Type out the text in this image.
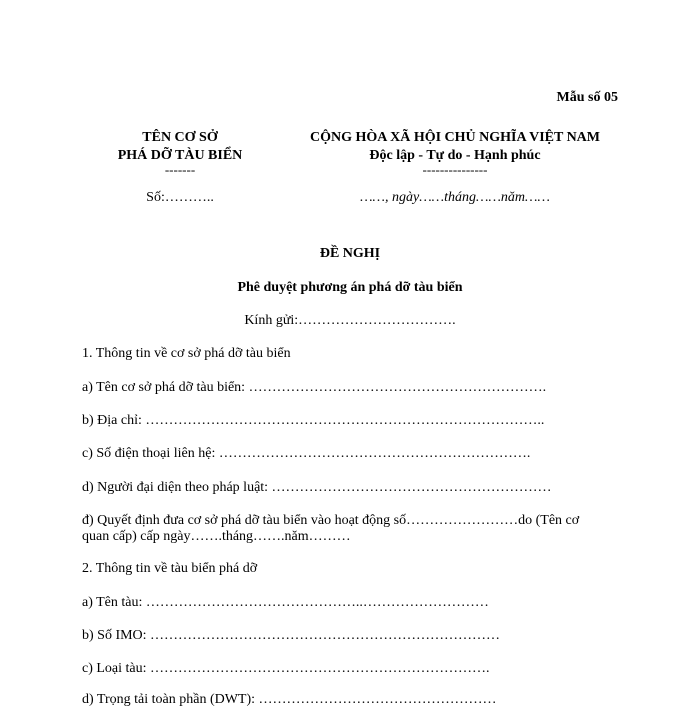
Mẫu số 05
TÊN CƠ SỞ
PHÁ DỠ TÀU BIỂN
-------
Số:………..
CỘNG HÒA XÃ HỘI CHỦ NGHĨA VIỆT NAM
Độc lập - Tự do - Hạnh phúc
---------------
……, ngày……tháng……năm……
ĐỀ NGHỊ
Phê duyệt phương án phá dỡ tàu biển
Kính gửi:…………………………….
1. Thông tin về cơ sở phá dỡ tàu biển
a) Tên cơ sở phá dỡ tàu biển: ……………………………………………………….
b) Địa chỉ: …………………………………………………………………………..
c) Số điện thoại liên hệ: ………………………………………………………….
d) Người đại diện theo pháp luật: ……………………………………………………
đ) Quyết định đưa cơ sở phá dỡ tàu biển vào hoạt động số……………………do (Tên cơ
quan cấp) cấp ngày…….tháng…….năm………
2. Thông tin về tàu biển phá dỡ
a) Tên tàu: ………………………………………..………………………
b) Số IMO: …………………………………………………………………
c) Loại tàu: ……………………………………………………………….
d) Trọng tải toàn phần (DWT): ……………………………………………
